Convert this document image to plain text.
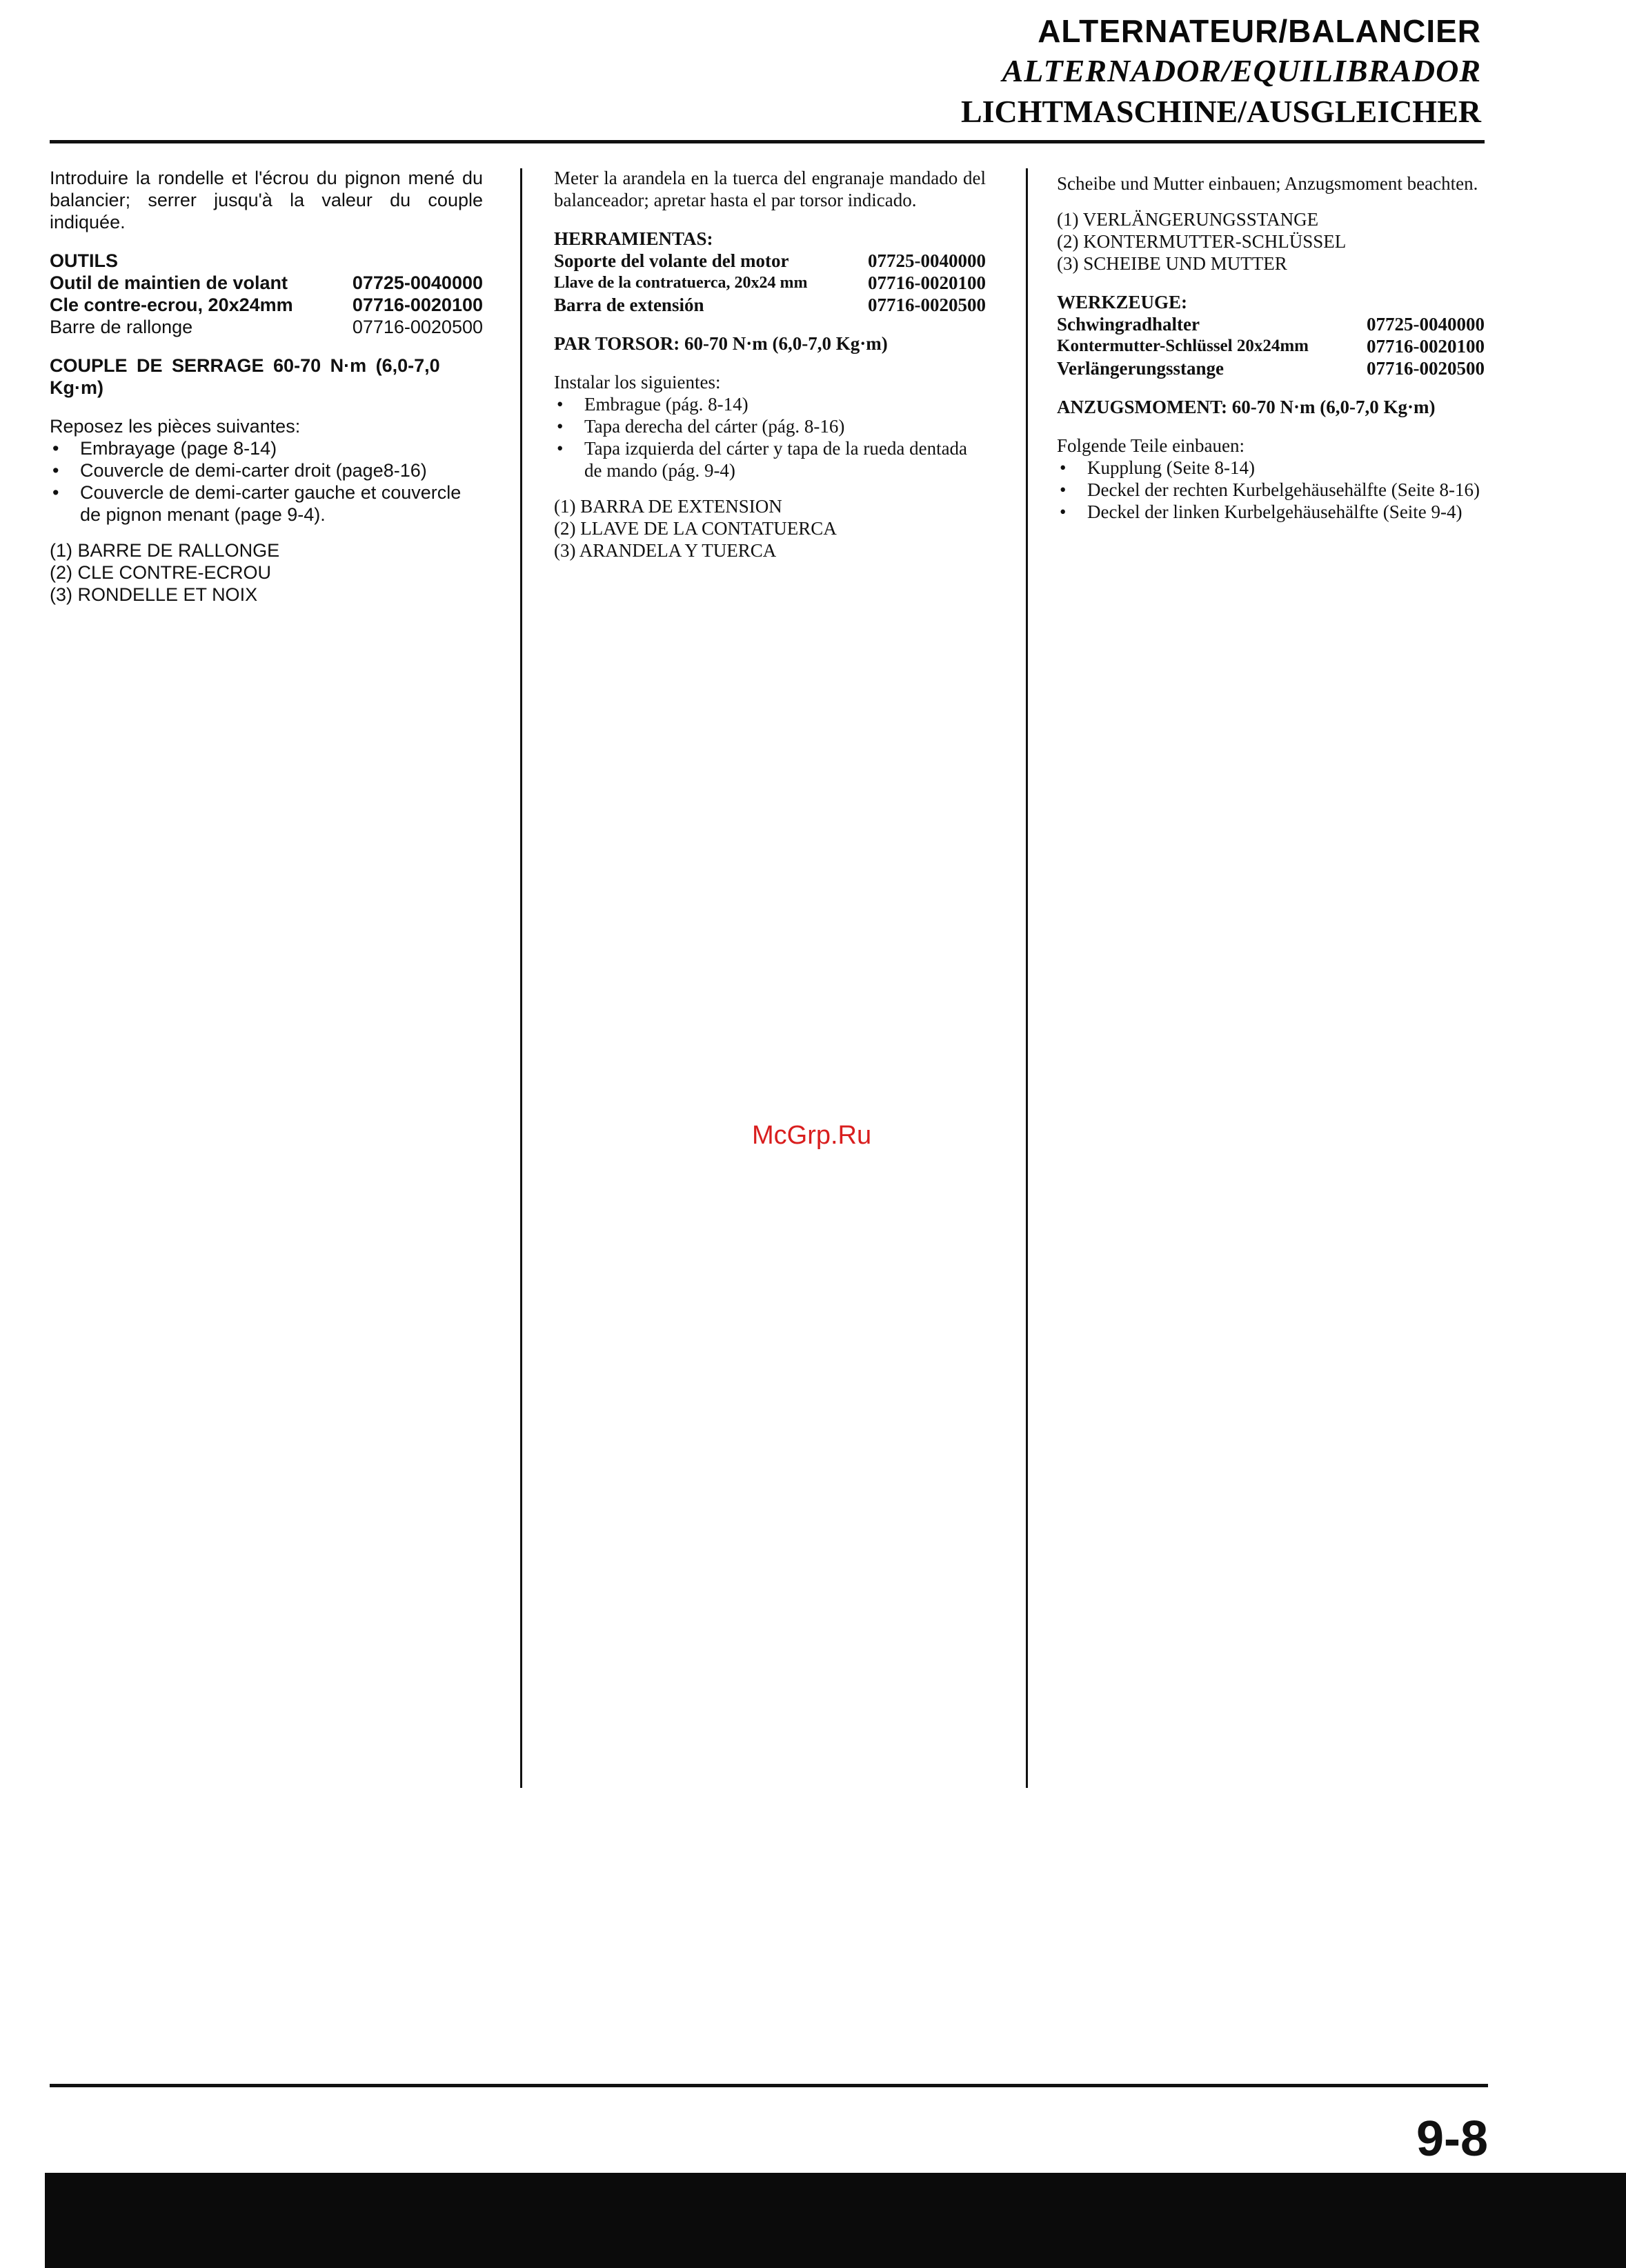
ALTERNATEUR/BALANCIER
ALTERNADOR/EQUILIBRADOR
LICHTMASCHINE/AUSGLEICHER

Introduire la rondelle et l'écrou du pignon mené du balancier; serrer jusqu'à la valeur du couple indiquée.

OUTILS

Outil de maintien de volant	07725-0040000
Cle contre-ecrou, 20x24mm	07716-0020100
Barre de rallonge	07716-0020500

COUPLE DE SERRAGE 60-70 N·m (6,0-7,0 Kg·m)

Reposez les pièces suivantes:

•	Embrayage (page 8-14)
•	Couvercle de demi-carter droit (page8-16)
•	Couvercle de demi-carter gauche et couvercle de pignon menant (page 9-4).

(1) BARRE DE RALLONGE

(2) CLE CONTRE-ECROU

(3) RONDELLE ET NOIX

Meter la arandela en la tuerca del engranaje mandado del balanceador; apretar hasta el par torsor indicado.

HERRAMIENTAS:

Soporte del volante del motor	07725-0040000
Llave de la contratuerca, 20x24 mm	07716-0020100
Barra de extensión	07716-0020500

PAR TORSOR: 60-70 N·m (6,0-7,0 Kg·m)

Instalar los siguientes:

•	Embrague (pág. 8-14)
•	Tapa derecha del cárter (pág. 8-16)
•	Tapa izquierda del cárter y tapa de la rueda dentada de mando (pág. 9-4)

(1) BARRA DE EXTENSION

(2) LLAVE DE LA CONTATUERCA

(3) ARANDELA Y TUERCA

Scheibe und Mutter einbauen; Anzugsmoment beachten.

(1) VERLÄNGERUNGSSTANGE

(2) KONTERMUTTER-SCHLÜSSEL

(3) SCHEIBE UND MUTTER

WERKZEUGE:

Schwingradhalter	07725-0040000
Kontermutter-Schlüssel 20x24mm	07716-0020100
Verlängerungsstange	07716-0020500

ANZUGSMOMENT: 60-70 N·m (6,0-7,0 Kg·m)

Folgende Teile einbauen:

•	Kupplung (Seite 8-14)
•	Deckel der rechten Kurbelgehäusehälfte (Seite 8-16)
•	Deckel der linken Kurbelgehäusehälfte (Seite 9-4)
McGrp.Ru
9-8
